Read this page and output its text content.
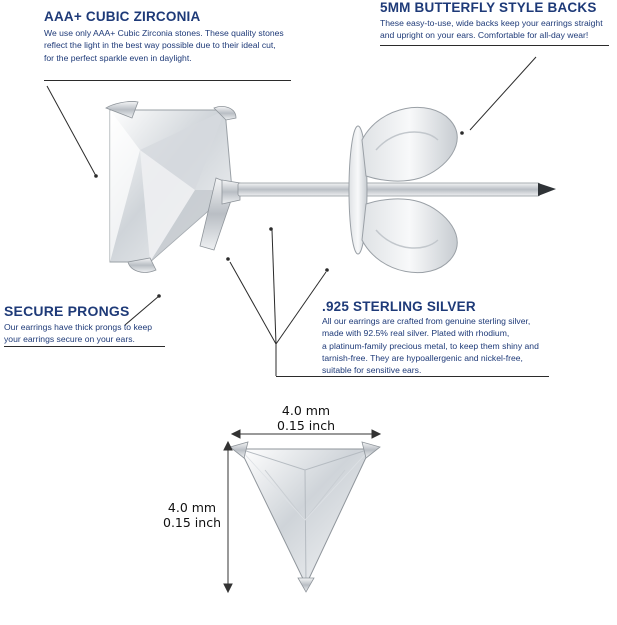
AAA+ CUBIC ZIRCONIA
We use only AAA+ Cubic Zirconia stones. These quality stones
reflect the light in the best way possible due to their ideal cut,
for the perfect sparkle even in daylight.
5MM BUTTERFLY STYLE BACKS
These easy-to-use, wide backs keep your earrings straight
and upright on your ears. Comfortable for all-day wear!
SECURE PRONGS
Our earrings have thick prongs to keep
your earrings secure on your ears.
.925 STERLING SILVER
All our earrings are crafted from genuine sterling silver,
made with 92.5% real silver. Plated with rhodium,
a platinum-family precious metal, to keep them shiny and
tarnish-free. They are hypoallergenic and nickel-free,
suitable for sensitive ears.
4.0 mm
0.15 inch
4.0 mm
0.15 inch
